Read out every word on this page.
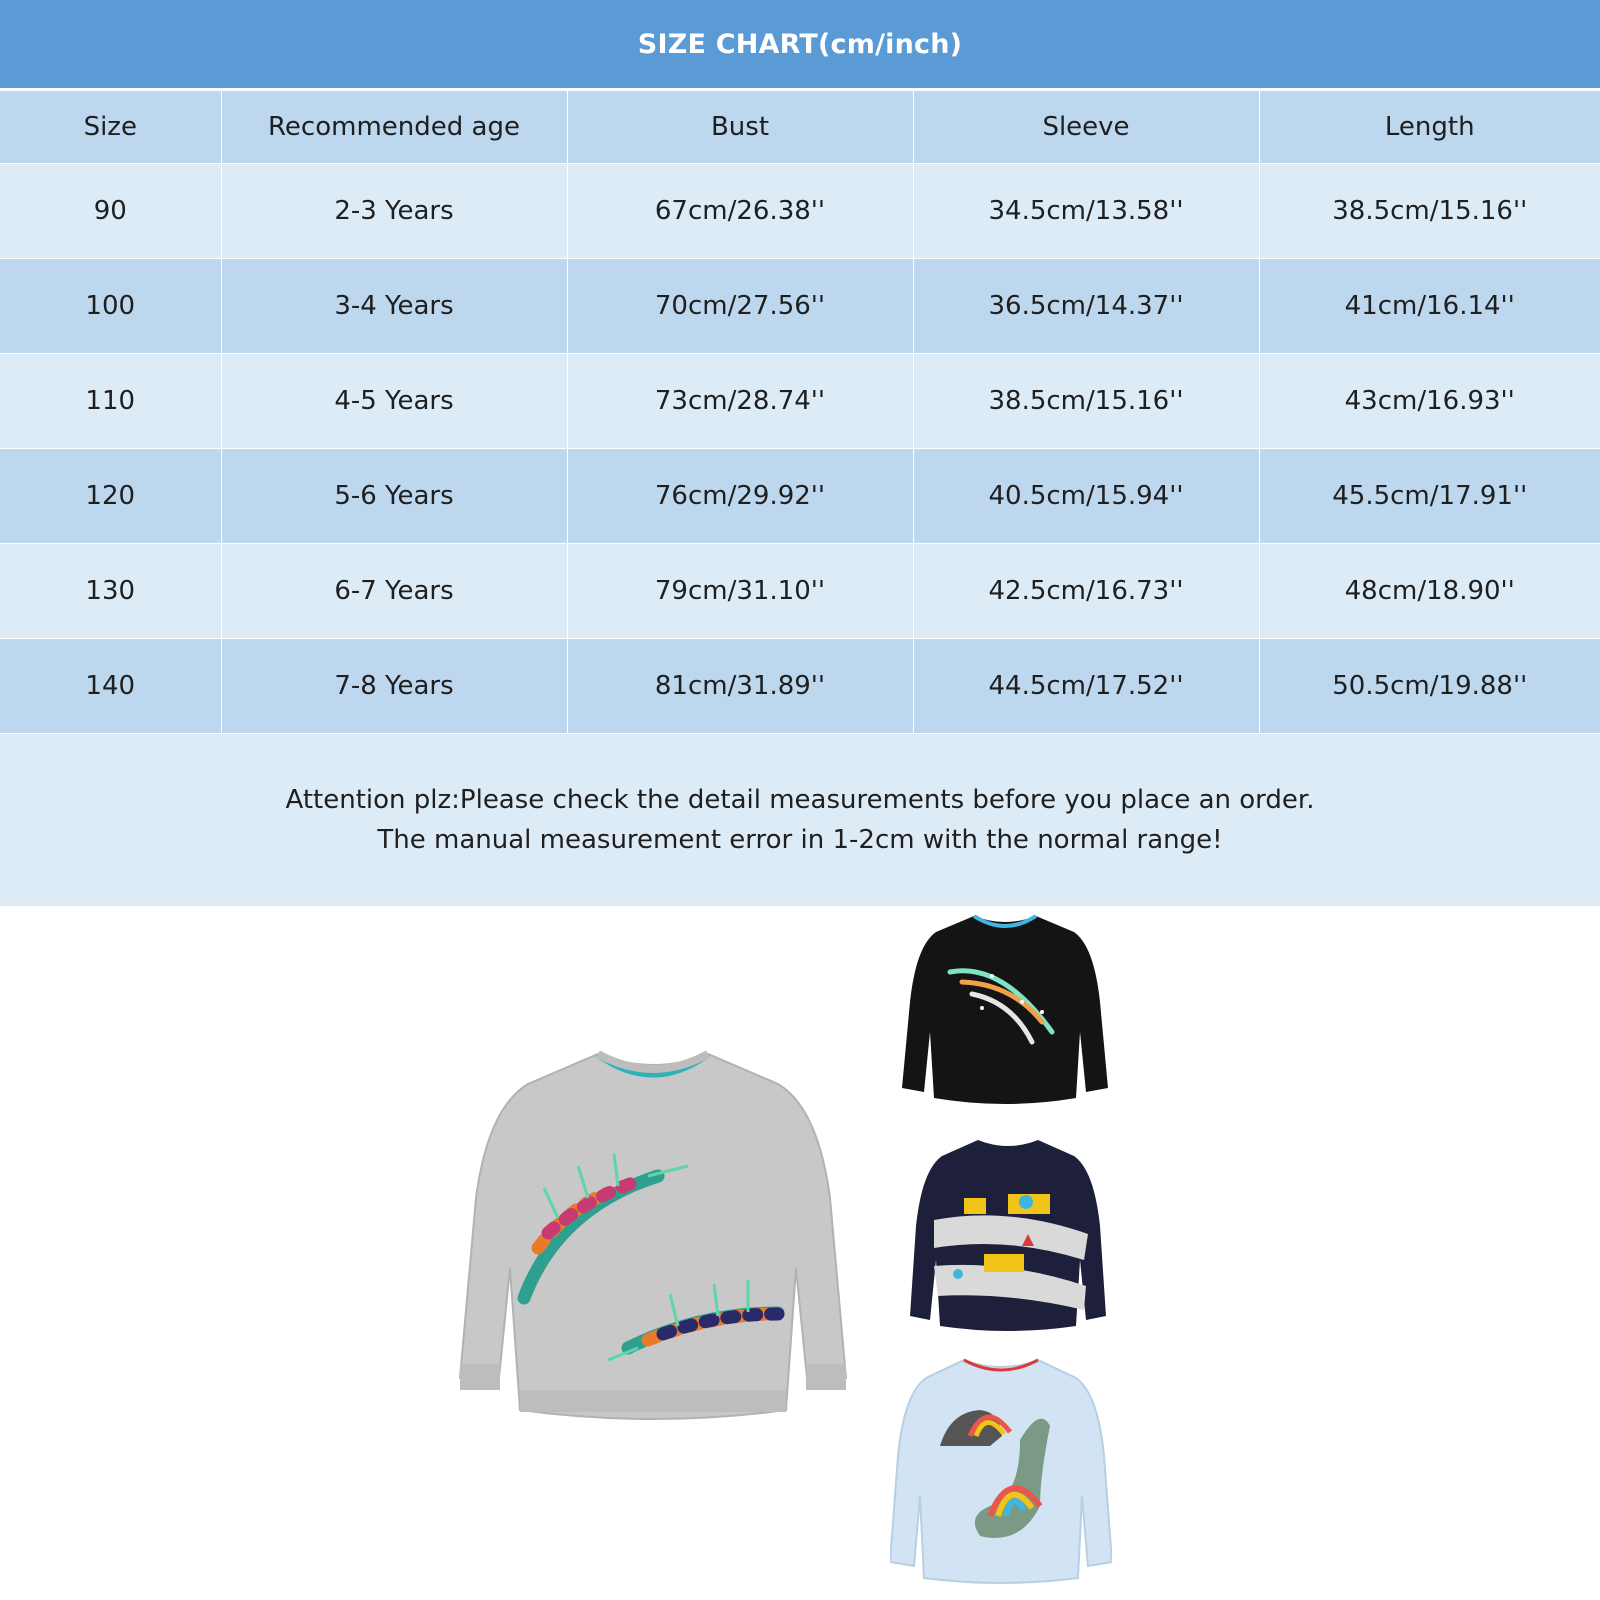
SIZE CHART(cm/inch)
Size	Recommended age	Bust	Sleeve	Length
90	2-3 Years	67cm/26.38''	34.5cm/13.58''	38.5cm/15.16''
100	3-4 Years	70cm/27.56''	36.5cm/14.37''	41cm/16.14''
110	4-5 Years	73cm/28.74''	38.5cm/15.16''	43cm/16.93''
120	5-6 Years	76cm/29.92''	40.5cm/15.94''	45.5cm/17.91''
130	6-7 Years	79cm/31.10''	42.5cm/16.73''	48cm/18.90''
140	7-8 Years	81cm/31.89''	44.5cm/17.52''	50.5cm/19.88''
Attention plz:Please check the detail measurements before you place an order.
The manual measurement error in 1-2cm with the normal range!
